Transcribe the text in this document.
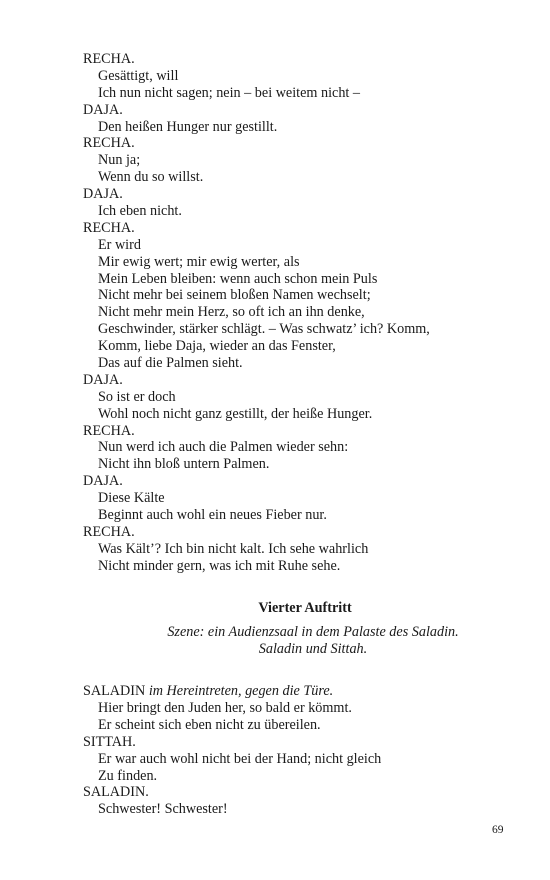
RECHA.
Gesättigt, will
Ich nun nicht sagen; nein – bei weitem nicht –
DAJA.
Den heißen Hunger nur gestillt.
RECHA.
Nun ja;
Wenn du so willst.
DAJA.
Ich eben nicht.
RECHA.
Er wird
Mir ewig wert; mir ewig werter, als
Mein Leben bleiben: wenn auch schon mein Puls
Nicht mehr bei seinem bloßen Namen wechselt;
Nicht mehr mein Herz, so oft ich an ihn denke,
Geschwinder, stärker schlägt. – Was schwatz’ ich? Komm,
Komm, liebe Daja, wieder an das Fenster,
Das auf die Palmen sieht.
DAJA.
So ist er doch
Wohl noch nicht ganz gestillt, der heiße Hunger.
RECHA.
Nun werd ich auch die Palmen wieder sehn:
Nicht ihn bloß untern Palmen.
DAJA.
Diese Kälte
Beginnt auch wohl ein neues Fieber nur.
RECHA.
Was Kält’? Ich bin nicht kalt. Ich sehe wahrlich
Nicht minder gern, was ich mit Ruhe sehe.
Vierter Auftritt
Szene: ein Audienzsaal in dem Palaste des Saladin.
Saladin und Sittah.
SALADIN im Hereintreten, gegen die Türe.
Hier bringt den Juden her, so bald er kömmt.
Er scheint sich eben nicht zu übereilen.
SITTAH.
Er war auch wohl nicht bei der Hand; nicht gleich
Zu finden.
SALADIN.
Schwester! Schwester!
69
